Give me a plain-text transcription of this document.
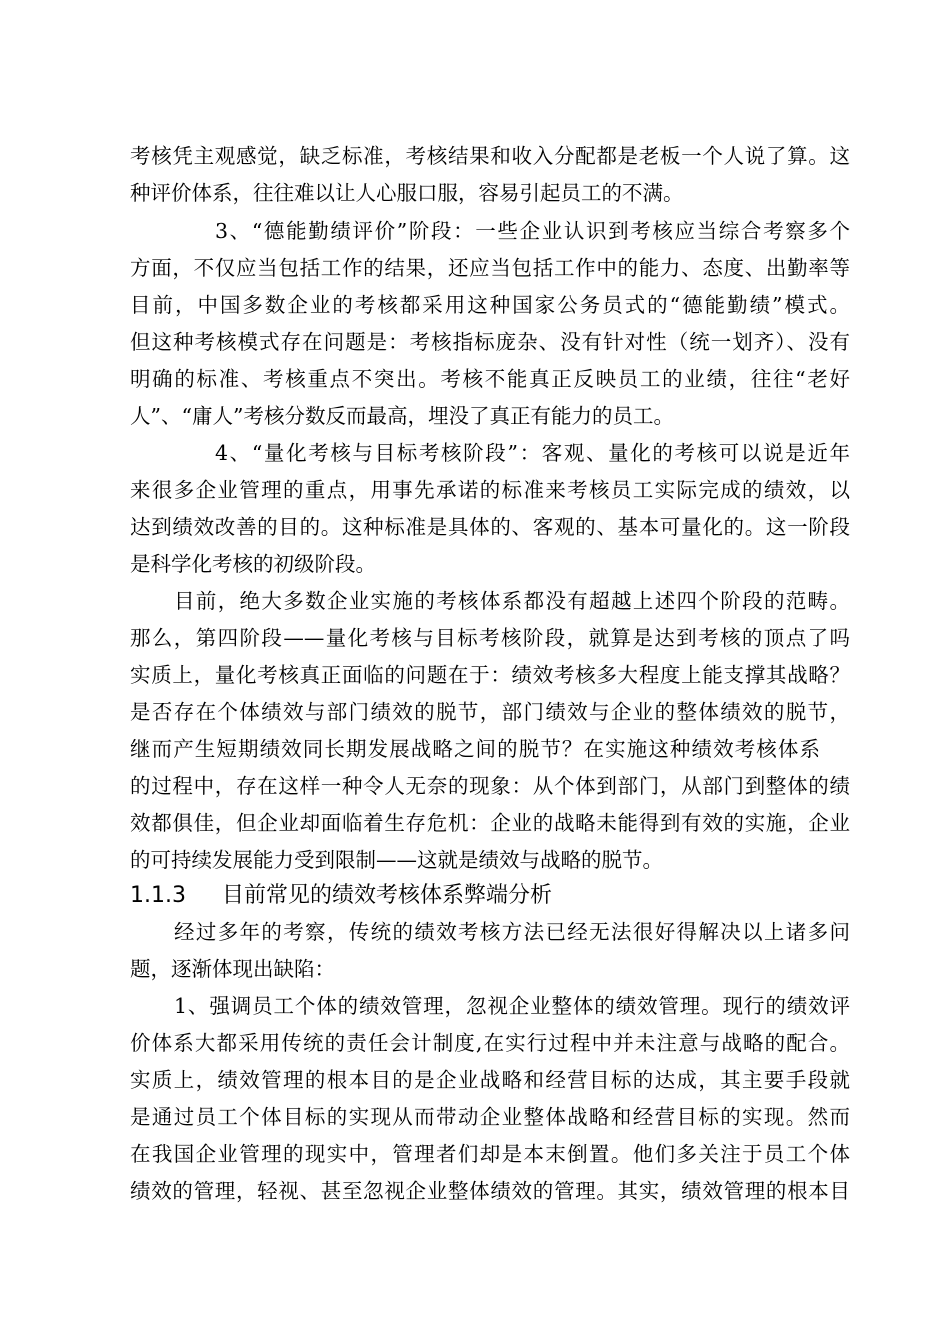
考核凭主观感觉，缺乏标准，考核结果和收入分配都是老板一个人说了算。这
种评价体系，往往难以让人心服口服，容易引起员工的不满。
3、“德能勤绩评价”阶段：一些企业认识到考核应当综合考察多个
方面，不仅应当包括工作的结果，还应当包括工作中的能力、态度、出勤率等
目前，中国多数企业的考核都采用这种国家公务员式的“德能勤绩”模式。
但这种考核模式存在问题是：考核指标庞杂、没有针对性（统一划齐）、没有
明确的标准、考核重点不突出。考核不能真正反映员工的业绩，往往“老好
人”、“庸人”考核分数反而最高，埋没了真正有能力的员工。
4、“量化考核与目标考核阶段”：客观、量化的考核可以说是近年
来很多企业管理的重点，用事先承诺的标准来考核员工实际完成的绩效，以
达到绩效改善的目的。这种标准是具体的、客观的、基本可量化的。这一阶段
是科学化考核的初级阶段。
目前，绝大多数企业实施的考核体系都没有超越上述四个阶段的范畴。
那么，第四阶段——量化考核与目标考核阶段，就算是达到考核的顶点了吗
实质上，量化考核真正面临的问题在于：绩效考核多大程度上能支撑其战略？
是否存在个体绩效与部门绩效的脱节，部门绩效与企业的整体绩效的脱节，
继而产生短期绩效同长期发展战略之间的脱节？在实施这种绩效考核体系
的过程中，存在这样一种令人无奈的现象：从个体到部门，从部门到整体的绩
效都俱佳，但企业却面临着生存危机：企业的战略未能得到有效的实施，企业
的可持续发展能力受到限制——这就是绩效与战略的脱节。
1.1.3 目前常见的绩效考核体系弊端分析
经过多年的考察，传统的绩效考核方法已经无法很好得解决以上诸多问
题，逐渐体现出缺陷：
1、强调员工个体的绩效管理，忽视企业整体的绩效管理。现行的绩效评
价体系大都采用传统的责任会计制度,在实行过程中并未注意与战略的配合。
实质上，绩效管理的根本目的是企业战略和经营目标的达成，其主要手段就
是通过员工个体目标的实现从而带动企业整体战略和经营目标的实现。然而
在我国企业管理的现实中，管理者们却是本末倒置。他们多关注于员工个体
绩效的管理，轻视、甚至忽视企业整体绩效的管理。其实，绩效管理的根本目
